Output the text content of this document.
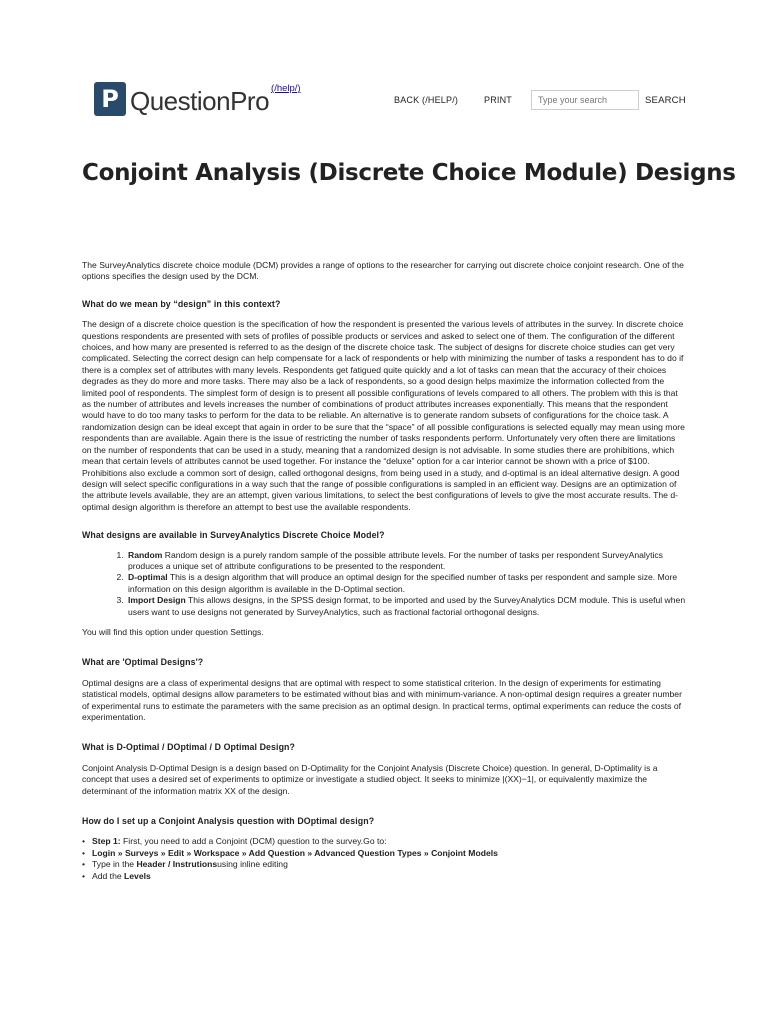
P QuestionPro (/help/)
BACK (/HELP/)	PRINT
Type your search	SEARCH
Conjoint Analysis (Discrete Choice Module) Designs

The SurveyAnalytics discrete choice module (DCM) provides a range of options to the researcher for carrying out discrete choice conjoint research. One of the options specifies the design used by the DCM.

What do we mean by “design” in this context?

The design of a discrete choice question is the specification of how the respondent is presented the various levels of attributes in the survey. In discrete choice questions respondents are presented with sets of profiles of possible products or services and asked to select one of them. The configuration of the different choices, and how many are presented is referred to as the design of the discrete choice task. The subject of designs for discrete choice studies can get very complicated. Selecting the correct design can help compensate for a lack of respondents or help with minimizing the number of tasks a respondent has to do if there is a complex set of attributes with many levels. Respondents get fatigued quite quickly and a lot of tasks can mean that the accuracy of their choices degrades as they do more and more tasks. There may also be a lack of respondents, so a good design helps maximize the information collected from the limited pool of respondents. The simplest form of design is to present all possible configurations of levels compared to all others. The problem with this is that as the number of attributes and levels increases the number of combinations of product attributes increases exponentially. This means that the respondent would have to do too many tasks to perform for the data to be reliable. An alternative is to generate random subsets of configurations for the choice task. A randomization design can be ideal except that again in order to be sure that the “space” of all possible configurations is selected equally may mean using more respondents than are available. Again there is the issue of restricting the number of tasks respondents perform. Unfortunately very often there are limitations on the number of respondents that can be used in a study, meaning that a randomized design is not advisable. In some studies there are prohibitions, which mean that certain levels of attributes cannot be used together. For instance the “deluxe” option for a car interior cannot be shown with a price of $100. Prohibitions also exclude a common sort of design, called orthogonal designs, from being used in a study, and d-optimal is an ideal alternative design. A good design will select specific configurations in a way such that the range of possible configurations is sampled in an efficient way. Designs are an optimization of the attribute levels available, they are an attempt, given various limitations, to select the best configurations of levels to give the most accurate results. The d-optimal design algorithm is therefore an attempt to best use the available respondents.

What designs are available in SurveyAnalytics Discrete Choice Model?
1. Random Random design is a purely random sample of the possible attribute levels. For the number of tasks per respondent SurveyAnalytics produces a unique set of attribute configurations to be presented to the respondent.
2. D-optimal This is a design algorithm that will produce an optimal design for the specified number of tasks per respondent and sample size. More information on this design algorithm is available in the D-Optimal section.
3. Import Design This allows designs, in the SPSS design format, to be imported and used by the SurveyAnalytics DCM module. This is useful when users want to use designs not generated by SurveyAnalytics, such as fractional factorial orthogonal designs.

You will find this option under question Settings.

What are 'Optimal Designs'?

Optimal designs are a class of experimental designs that are optimal with respect to some statistical criterion. In the design of experiments for estimating statistical models, optimal designs allow parameters to be estimated without bias and with minimum-variance. A non-optimal design requires a greater number of experimental runs to estimate the parameters with the same precision as an optimal design. In practical terms, optimal experiments can reduce the costs of experimentation.

What is D-Optimal / DOptimal / D Optimal Design?

Conjoint Analysis D-Optimal Design is a design based on D-Optimality for the Conjoint Analysis (Discrete Choice) question. In general, D-Optimality is a concept that uses a desired set of experiments to optimize or investigate a studied object. It seeks to minimize |(XX)−1|, or equivalently maximize the determinant of the information matrix XX of the design.

How do I set up a Conjoint Analysis question with DOptimal design?
• Step 1: First, you need to add a Conjoint (DCM) question to the survey.Go to:
• Login » Surveys » Edit » Workspace » Add Question » Advanced Question Types » Conjoint Models
• Type in the Header / Instrutionsusing inline editing
• Add the Levels
